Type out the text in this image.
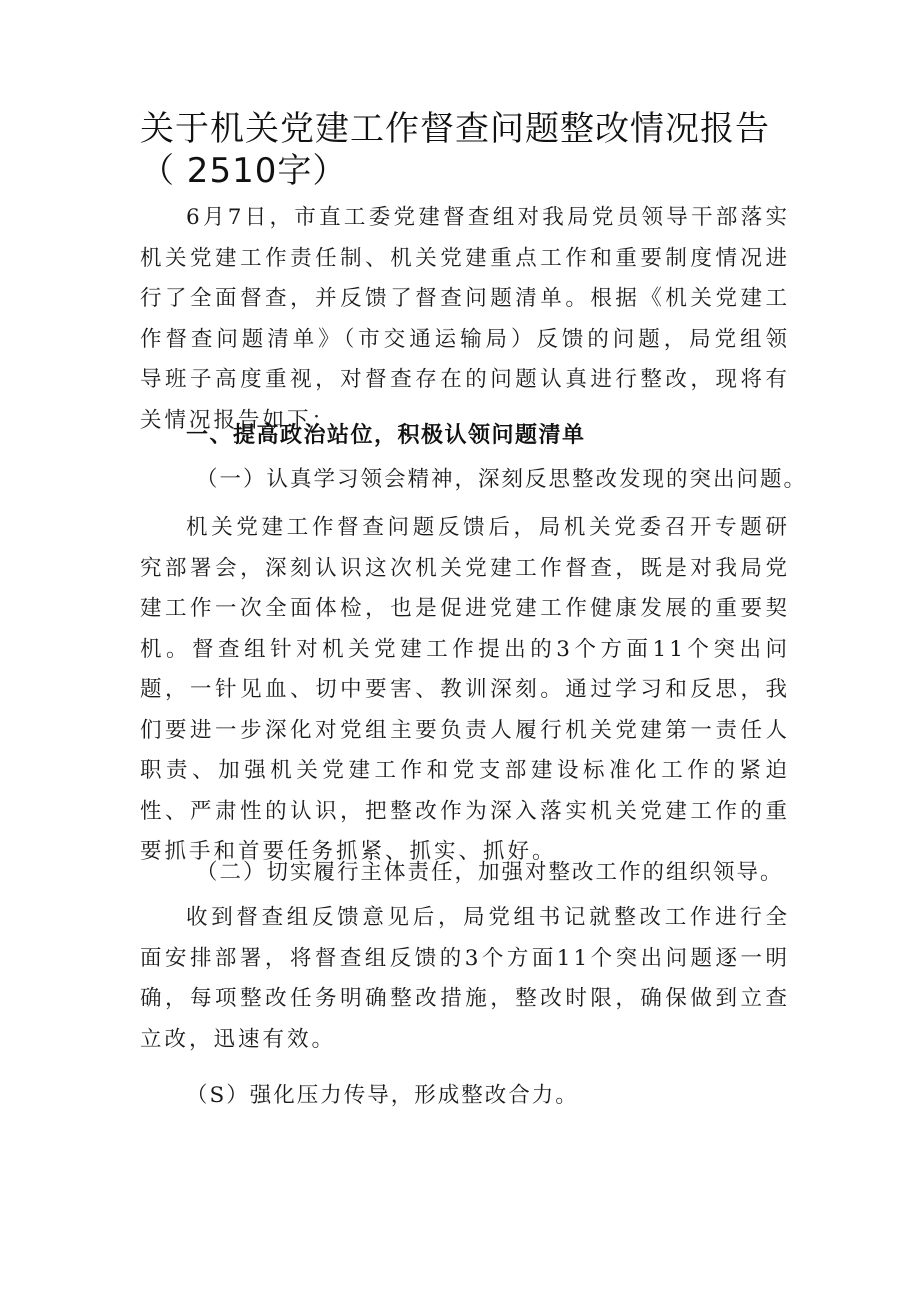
关于机关党建工作督查问题整改情况报告（ 2510字）

6月7日，市直工委党建督查组对我局党员领导干部落实机关党建工作责任制、机关党建重点工作和重要制度情况进行了全面督查，并反馈了督查问题清单。根据《机关党建工作督查问题清单》（市交通运输局）反馈的问题，局党组领导班子高度重视，对督查存在的问题认真进行整改，现将有关情况报告如下：

一、提高政治站位，积极认领问题清单

（一）认真学习领会精神，深刻反思整改发现的突出问题。

机关党建工作督查问题反馈后，局机关党委召开专题研究部署会，深刻认识这次机关党建工作督查，既是对我局党建工作一次全面体检，也是促进党建工作健康发展的重要契机。督查组针对机关党建工作提出的3个方面11个突出问题，一针见血、切中要害、教训深刻。通过学习和反思，我们要进一步深化对党组主要负责人履行机关党建第一责任人职责、加强机关党建工作和党支部建设标准化工作的紧迫性、严肃性的认识，把整改作为深入落实机关党建工作的重要抓手和首要任务抓紧、抓实、抓好。

（二）切实履行主体责任，加强对整改工作的组织领导。

收到督查组反馈意见后，局党组书记就整改工作进行全面安排部署，将督查组反馈的3个方面11个突出问题逐一明确，每项整改任务明确整改措施，整改时限，确保做到立查立改，迅速有效。

（S）强化压力传导，形成整改合力。
